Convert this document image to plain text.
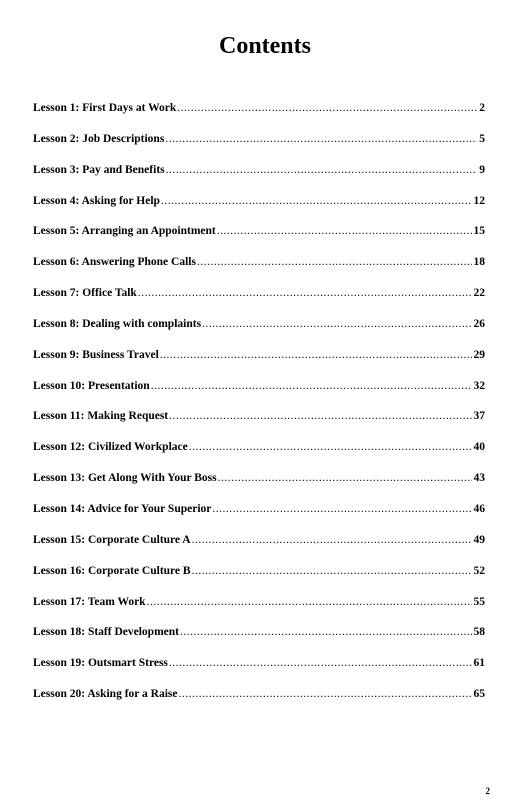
Contents
Lesson 1: First Days at Work .....	2
Lesson 2: Job Descriptions .....	5
Lesson 3: Pay and Benefits .....	9
Lesson 4: Asking for Help .....	12
Lesson 5: Arranging an Appointment .....	15
Lesson 6: Answering Phone Calls .....	18
Lesson 7: Office Talk .....	22
Lesson 8: Dealing with complaints .....	26
Lesson 9: Business Travel .....	29
Lesson 10: Presentation .....	32
Lesson 11: Making Request .....	37
Lesson 12: Civilized Workplace .....	40
Lesson 13: Get Along With Your Boss .....	43
Lesson 14: Advice for Your Superior .....	46
Lesson 15: Corporate Culture A .....	49
Lesson 16: Corporate Culture B .....	52
Lesson 17: Team Work .....	55
Lesson 18: Staff Development .....	58
Lesson 19: Outsmart Stress .....	61
Lesson 20: Asking for a Raise .....	65
2
